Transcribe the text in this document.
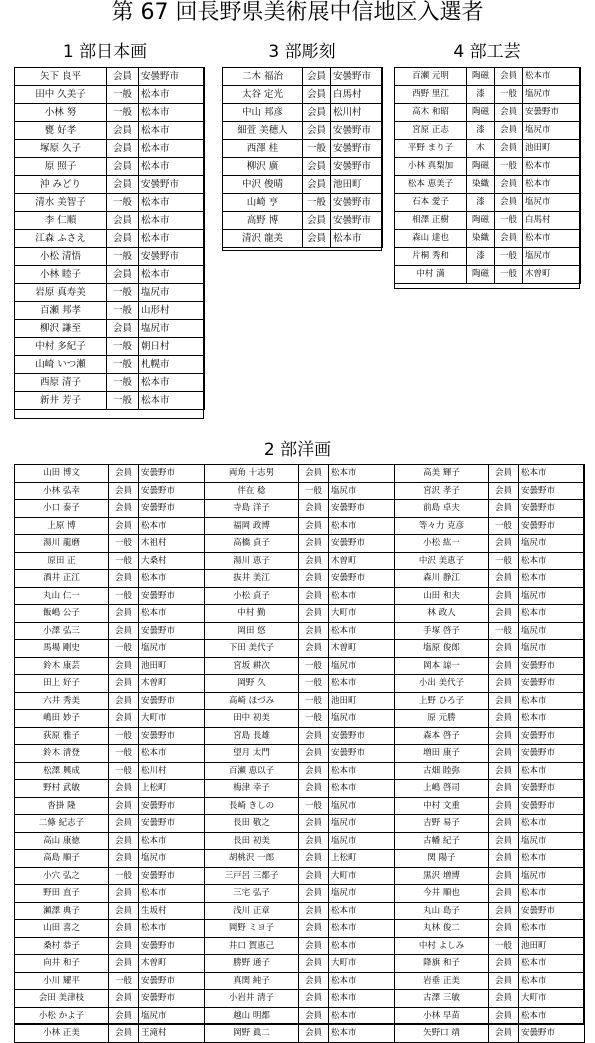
第 67 回長野県美術展中信地区入選者
1 部日本画	3 部彫刻	4 部工芸
矢下 良平	会員	安曇野市
田中 久美子	一般	松本市
小林 努	一般	松本市
甕 好孝	会員	松本市
塚原 久子	会員	松本市
原 照子	会員	松本市
沖 みどり	会員	安曇野市
清水 美智子	一般	松本市
李 仁順	会員	松本市
江森 ふさえ	会員	松本市
小松 清悟	一般	安曇野市
小林 睦子	会員	松本市
岩原 真寿美	一般	塩尻市
百瀬 邦孝	一般	山形村
柳沢 謙至	会員	塩尻市
中村 多紀子	一般	朝日村
山崎 いつ瀬	一般	札幌市
西原 清子	一般	松本市
新井 芳子	一般	松本市
二木 福治	会員	安曇野市
太谷 定光	会員	白馬村
中山 邦彦	会員	松川村
細萱 美穂人	会員	安曇野市
西澤 桂	一般	安曇野市
柳沢 廣	会員	安曇野市
中沢 俊晴	会員	池田町
山崎 亨	一般	安曇野市
高野 博	会員	安曇野市
清沢 龍美	会員	松本市
百瀬 元明	陶磁	会員	松本市
西野 里江	漆	一般	塩尻市
高木 和昭	陶磁	会員	安曇野市
宮原 正志	漆	会員	塩尻市
平野 まり子	木	会員	池田町
小林 真梨加	陶磁	一般	松本市
松本 恵美子	染織	会員	松本市
石本 愛子	漆	会員	塩尻市
相澤 正樹	陶磁	一般	白馬村
森山 達也	染織	会員	松本市
片桐 秀和	漆	一般	塩尻市
中村 満	陶磁	一般	木曽町
2 部洋画
山田 博文	会員	安曇野市
小林 弘幸	会員	安曇野市
小口 泰子	会員	安曇野市
上原 博	会員	松本市
湯川 龍磨	一般	木祖村
原田 正	一般	大桑村
酒井 正江	会員	松本市
丸山 仁一	一般	安曇野市
飯嶋 公子	会員	松本市
小澤 弘三	会員	安曇野市
馬場 剛史	一般	塩尻市
鈴木 康芸	会員	池田町
田上 好子	会員	木曽町
六井 秀美	会員	安曇野市
嶋田 妙子	会員	大町市
荻原 雅子	一般	安曇野市
鈴木 清登	一般	松本市
松澤 興成	一般	松川村
野村 武敏	会員	上松町
沓掛 隆	会員	安曇野市
二條 紀志子	会員	安曇野市
高山 康徳	会員	松本市
高島 順子	会員	塩尻市
小穴 弘之	一般	安曇野市
野田 直子	会員	松本市
瀬澤 典子	会員	生坂村
山田 喜之	会員	松本市
桑村 恭子	会員	安曇野市
向井 和子	会員	木曽町
小川 耀平	一般	安曇野市
会田 美津枝	会員	安曇野市
小松 かよ子	会員	塩尻市
小林 正美	会員	王滝村
両角 十志男	会員	松本市
伴在 稔	一般	塩尻市
寺島 洋子	会員	安曇野市
福岡 政博	会員	松本市
高橋 貞子	会員	安曇野市
湯川 恵子	会員	木曽町
抜井 美江	会員	安曇野市
小松 貞子	会員	松本市
中村 勤	会員	大町市
岡田 悠	会員	松本市
下田 美代子	会員	木曽町
宮坂 耕次	一般	塩尻市
岡野 久	一般	松本市
高崎 ほづみ	一般	池田町
田中 初美	一般	塩尻市
宮島 長雄	会員	安曇野市
望月 太門	会員	安曇野市
百瀬 恵以子	会員	松本市
梅津 幸子	会員	松本市
長崎 きしの	一般	塩尻市
長田 敬之	会員	塩尻市
長田 初美	会員	塩尻市
胡桃沢 一郎	会員	上松町
三戸呂 三都子	会員	大町市
三宅 弘子	会員	塩尻市
浅川 正章	会員	松本市
岡野 ミヨ子	会員	松本市
井口 賀恵己	会員	松本市
勝野 通子	会員	大町市
真関 純子	会員	松本市
小岩井 清子	会員	松本市
越山 明都	会員	松本市
岡野 眞二	会員	松本市
高美 輝子	会員	松本市
宮沢 孝子	会員	安曇野市
前島 卓夫	会員	安曇野市
等々力 克彦	一般	安曇野市
小松 紘一	会員	塩尻市
中沢 美恵子	一般	松本市
森川 静江	会員	松本市
山田 和夫	会員	塩尻市
林 政人	会員	松本市
手塚 啓子	一般	塩尻市
塩原 俊郎	会員	塩尻市
岡本 諒一	会員	安曇野市
小出 美代子	会員	安曇野市
上野 ひろ子	会員	松本市
原 元勝	会員	松本市
森本 啓子	会員	安曇野市
増田 康子	会員	安曇野市
古畑 睦弥	会員	松本市
上嶋 啓司	会員	安曇野市
中村 文重	会員	安曇野市
吉野 易子	会員	松本市
古幡 紀子	会員	塩尻市
関 陽子	会員	松本市
黒沢 増博	会員	塩尻市
今井 順也	会員	松本市
丸山 島子	会員	安曇野市
丸林 俊二	会員	松本市
中村 よしみ	一般	池田町
降旗 和子	会員	松本市
岩垂 正美	会員	松本市
古澤 三敏	会員	大町市
小林 早苗	会員	松本市
矢野口 靖	会員	安曇野市
